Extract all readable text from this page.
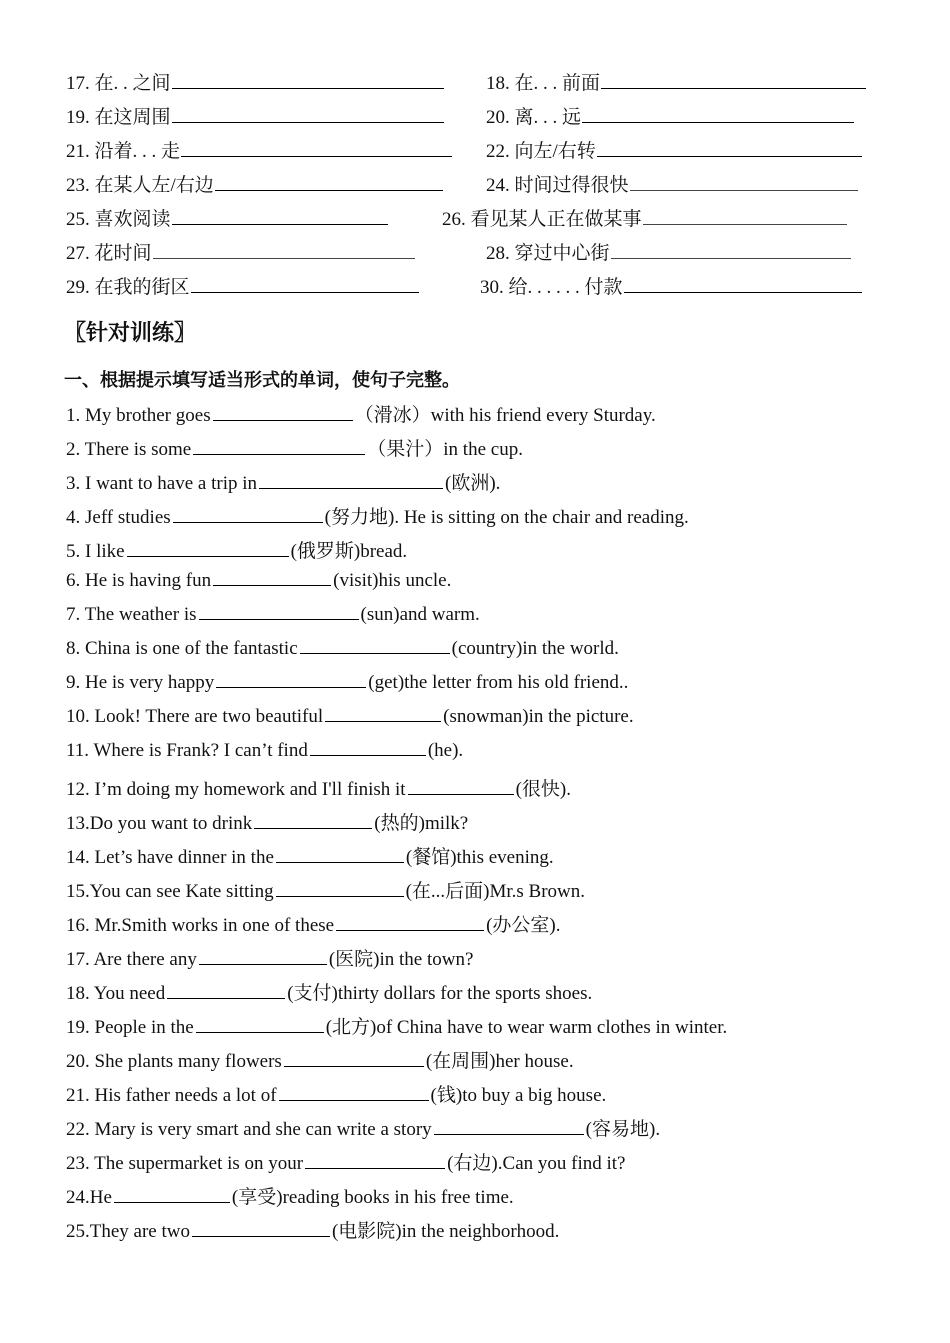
17. 在. . 之间	18. 在. . . 前面
19. 在这周围	20. 离. . . 远
21. 沿着. . . 走	22. 向左/右转
23. 在某人左/右边	24. 时间过得很快
25. 喜欢阅读	26. 看见某人正在做某事
27. 花时间	28. 穿过中心街
29. 在我的街区	30. 给. . . . . . 付款
〖针对训练〗
一、根据提示填写适当形式的单词，使句子完整。
1. My brother goes	（滑冰） with his friend every Sturday.
2. There is some	（果汁） in the cup.
3. I want to have a trip in	(欧洲) .
4. Jeff studies	(努力地) . He is sitting on the chair and reading.
5. I like	(俄罗斯) bread.
6. He is having fun	(visit) his uncle.
7. The weather is	(sun) and warm.
8. China is one of the fantastic	(country) in the world.
9. He is very happy	(get) the letter from his old friend..
10. Look! There are two beautiful	(snowman) in the picture.
11. Where is Frank? I can’t find	(he) .
12. I’m doing my homework and I'll finish it	(很快) .
13.Do you want to drink	(热的) milk?
14. Let’s have dinner in the	(餐馆) this evening.
15.You can see Kate sitting	(在...后面) Mr.s Brown.
16. Mr.Smith works in one of these	(办公室) .
17. Are there any	(医院) in the town?
18. You need	(支付) thirty dollars for the sports shoes.
19. People in the	(北方) of China have to wear warm clothes in winter.
20. She plants many flowers	(在周围) her house.
21. His father needs a lot of	(钱) to buy a big house.
22. Mary is very smart and she can write a story	(容易地) .
23. The supermarket is on your	(右边) .Can you find it?
24.He	(享受) reading books in his free time.
25.They are two	(电影院) in the neighborhood.
